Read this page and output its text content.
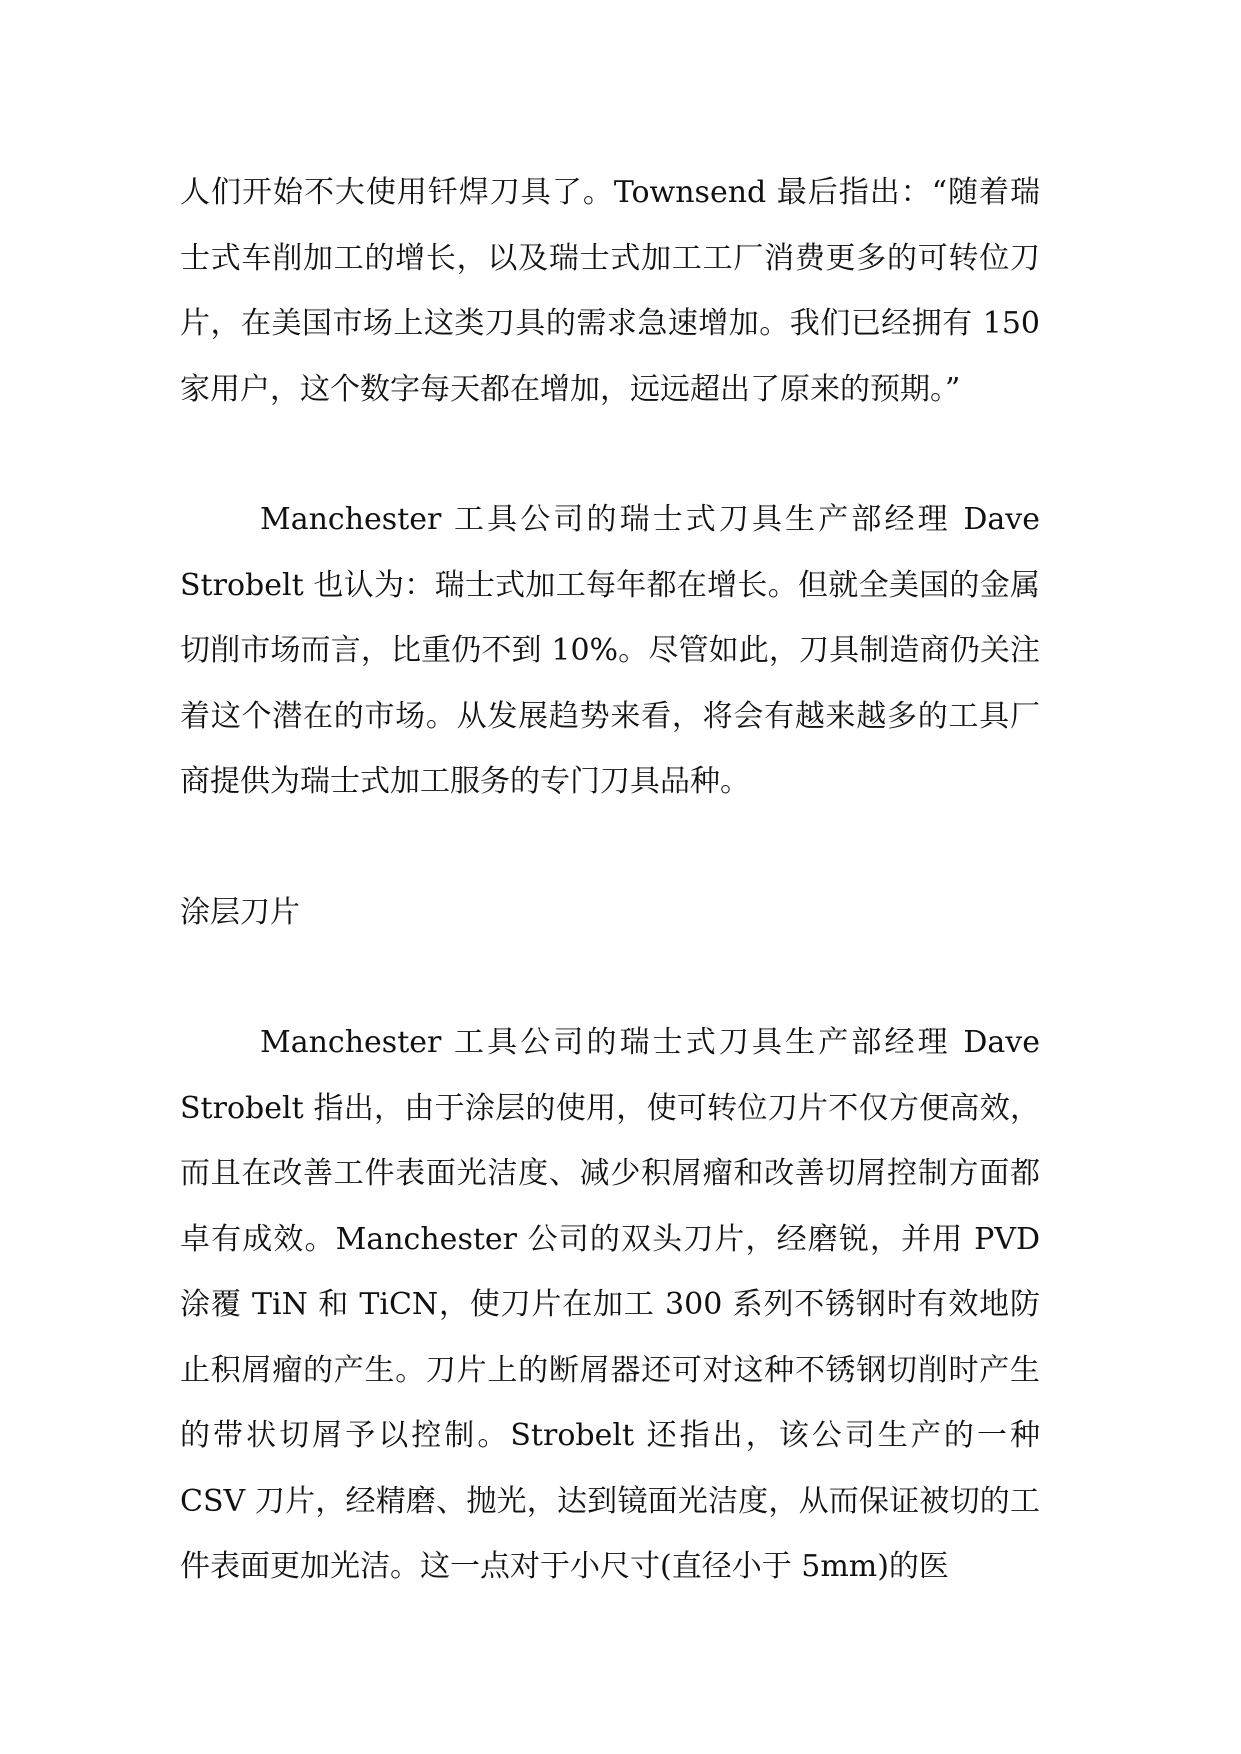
人们开始不大使用钎焊刀具了。Townsend 最后指出：“随着瑞士式车削加工的增长，以及瑞士式加工工厂消费更多的可转位刀片，在美国市场上这类刀具的需求急速增加。我们已经拥有 150 家用户，这个数字每天都在增加，远远超出了原来的预期。”

Manchester 工具公司的瑞士式刀具生产部经理 Dave Strobelt 也认为：瑞士式加工每年都在增长。但就全美国的金属切削市场而言，比重仍不到 10%。尽管如此，刀具制造商仍关注着这个潜在的市场。从发展趋势来看，将会有越来越多的工具厂商提供为瑞士式加工服务的专门刀具品种。

涂层刀片

Manchester 工具公司的瑞士式刀具生产部经理 Dave Strobelt 指出，由于涂层的使用，使可转位刀片不仅方便高效，而且在改善工件表面光洁度、减少积屑瘤和改善切屑控制方面都卓有成效。Manchester 公司的双头刀片，经磨锐，并用 PVD 涂覆 TiN 和 TiCN，使刀片在加工 300 系列不锈钢时有效地防止积屑瘤的产生。刀片上的断屑器还可对这种不锈钢切削时产生的带状切屑予以控制。Strobelt 还指出，该公司生产的一种 CSV 刀片，经精磨、抛光，达到镜面光洁度，从而保证被切的工件表面更加光洁。这一点对于小尺寸(直径小于 5mm)的医
